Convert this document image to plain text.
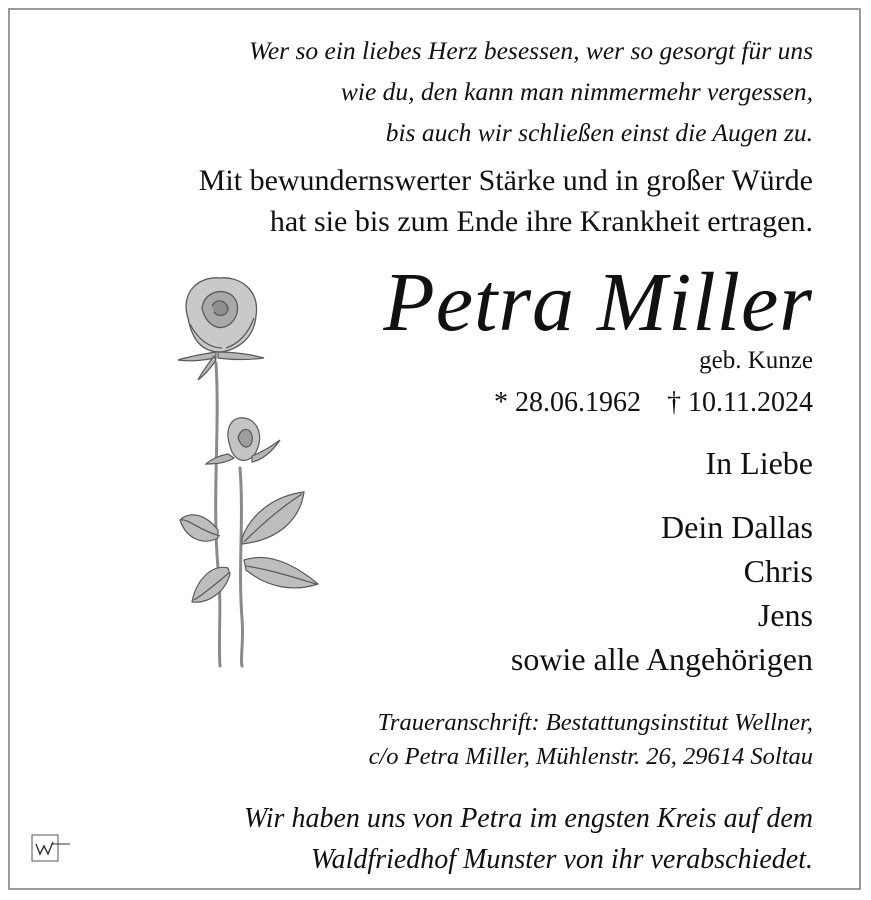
Wer so ein liebes Herz besessen, wer so gesorgt für uns
wie du, den kann man nimmermehr vergessen,
bis auch wir schließen einst die Augen zu.
Mit bewundernswerter Stärke und in großer Würde
hat sie bis zum Ende ihre Krankheit ertragen.
Petra Miller
geb. Kunze
* 28.06.1962 † 10.11.2024
In Liebe
Dein Dallas
Chris
Jens
sowie alle Angehörigen
Traueranschrift: Bestattungsinstitut Wellner,
c/o Petra Miller, Mühlenstr. 26, 29614 Soltau
Wir haben uns von Petra im engsten Kreis auf dem
Waldfriedhof Munster von ihr verabschiedet.
